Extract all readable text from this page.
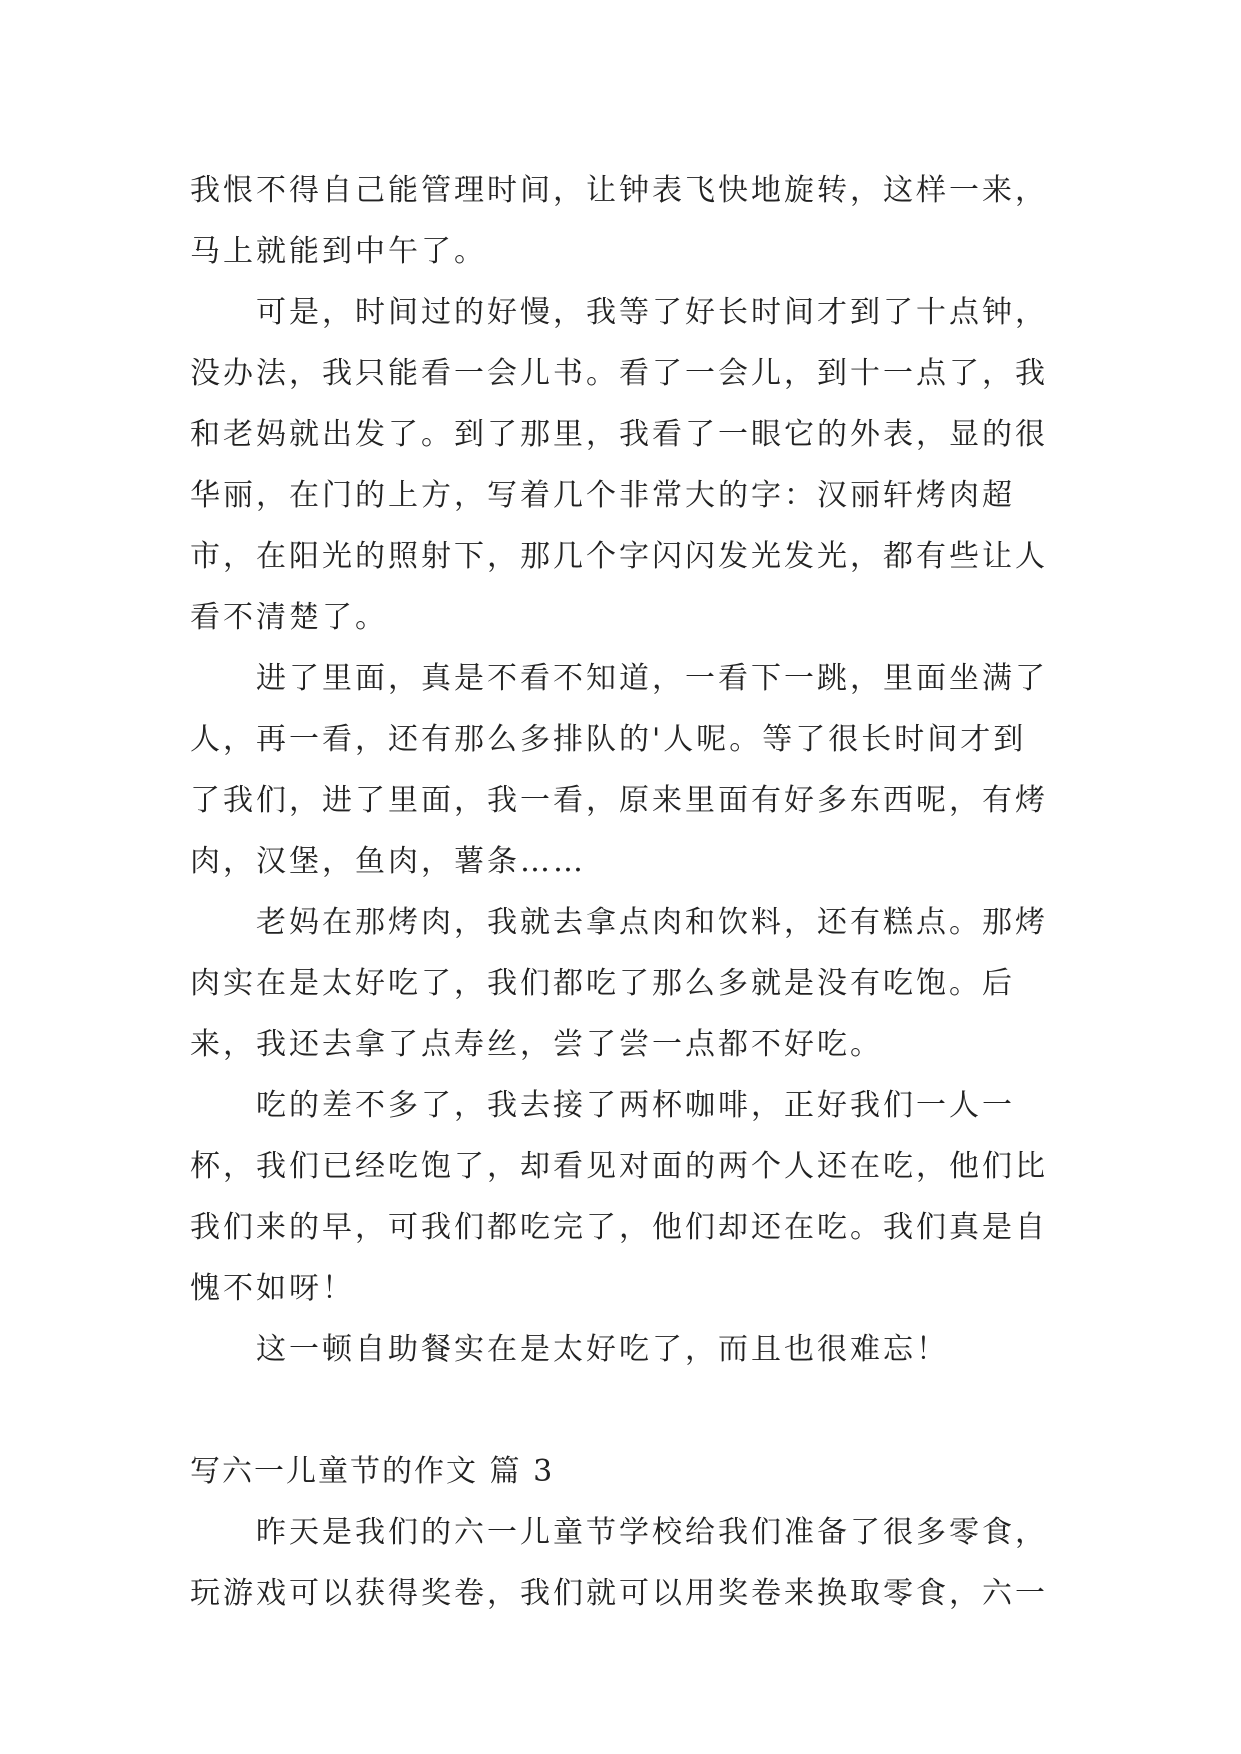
我恨不得自己能管理时间，让钟表飞快地旋转，这样一来，马上就能到中午了。

可是，时间过的好慢，我等了好长时间才到了十点钟，没办法，我只能看一会儿书。看了一会儿，到十一点了，我和老妈就出发了。到了那里，我看了一眼它的外表，显的很华丽，在门的上方，写着几个非常大的字：汉丽轩烤肉超市，在阳光的照射下，那几个字闪闪发光发光，都有些让人看不清楚了。

进了里面，真是不看不知道，一看下一跳，里面坐满了人，再一看，还有那么多排队的'人呢。等了很长时间才到了我们，进了里面，我一看，原来里面有好多东西呢，有烤肉，汉堡，鱼肉，薯条……

老妈在那烤肉，我就去拿点肉和饮料，还有糕点。那烤肉实在是太好吃了，我们都吃了那么多就是没有吃饱。后来，我还去拿了点寿丝，尝了尝一点都不好吃。

吃的差不多了，我去接了两杯咖啡，正好我们一人一杯，我们已经吃饱了，却看见对面的两个人还在吃，他们比我们来的早，可我们都吃完了，他们却还在吃。我们真是自愧不如呀！

这一顿自助餐实在是太好吃了，而且也很难忘！

写六一儿童节的作文 篇 3

昨天是我们的六一儿童节学校给我们准备了很多零食，玩游戏可以获得奖卷，我们就可以用奖卷来换取零食，六一
